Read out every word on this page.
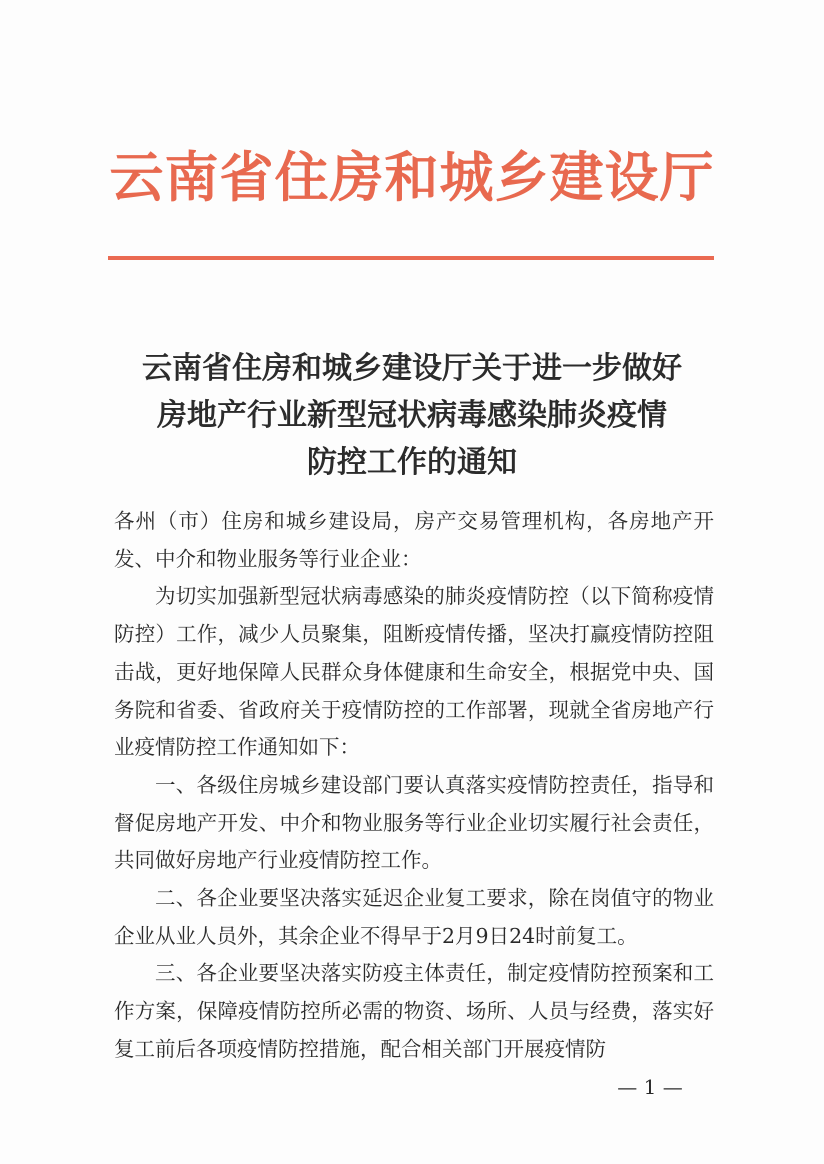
云南省住房和城乡建设厅
云南省住房和城乡建设厅关于进一步做好
房地产行业新型冠状病毒感染肺炎疫情
防控工作的通知

各州（市）住房和城乡建设局，房产交易管理机构，各房地产开发、中介和物业服务等行业企业：

为切实加强新型冠状病毒感染的肺炎疫情防控（以下简称疫情防控）工作，减少人员聚集，阻断疫情传播，坚决打赢疫情防控阻击战，更好地保障人民群众身体健康和生命安全，根据党中央、国务院和省委、省政府关于疫情防控的工作部署，现就全省房地产行业疫情防控工作通知如下：

一、各级住房城乡建设部门要认真落实疫情防控责任，指导和督促房地产开发、中介和物业服务等行业企业切实履行社会责任，共同做好房地产行业疫情防控工作。

二、各企业要坚决落实延迟企业复工要求，除在岗值守的物业企业从业人员外，其余企业不得早于2月9日24时前复工。

三、各企业要坚决落实防疫主体责任，制定疫情防控预案和工作方案，保障疫情防控所必需的物资、场所、人员与经费，落实好复工前后各项疫情防控措施，配合相关部门开展疫情防

— 1 —
